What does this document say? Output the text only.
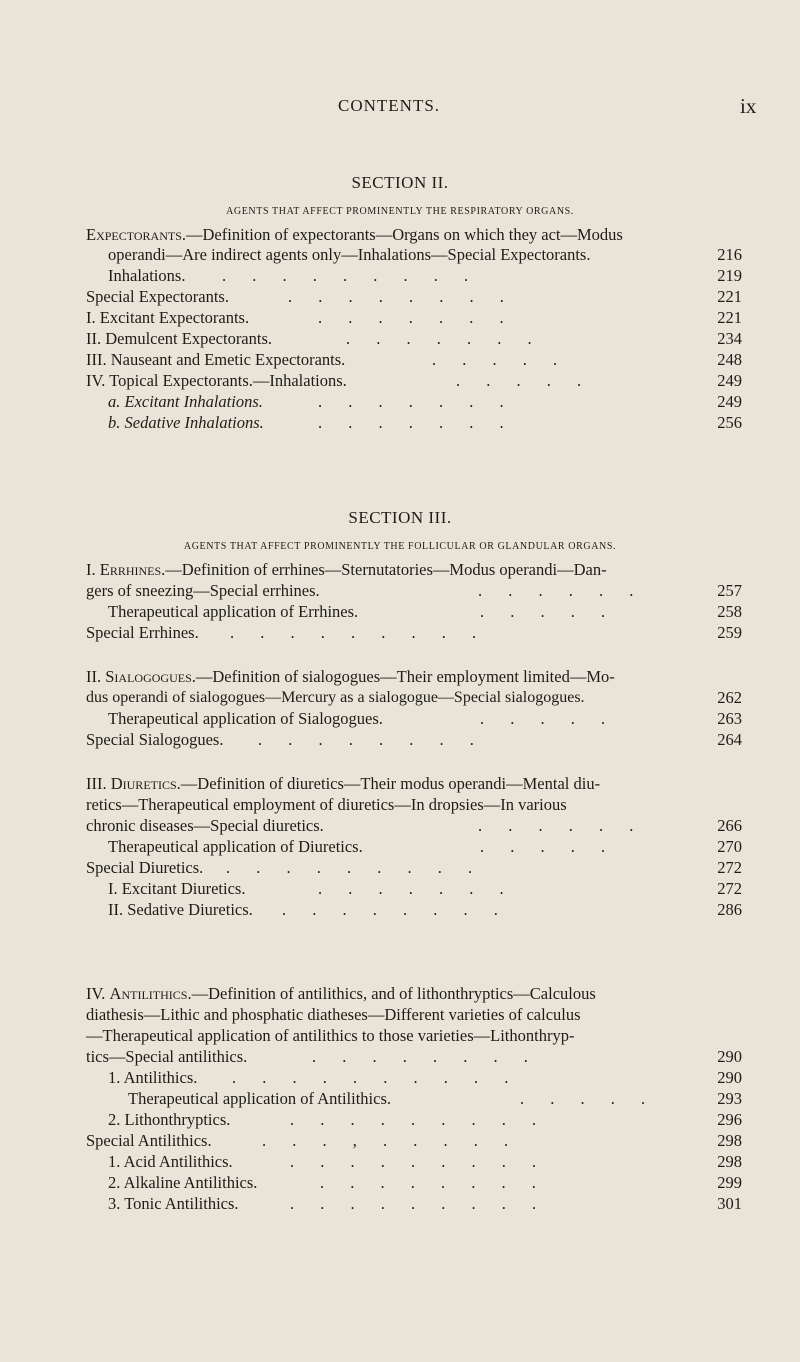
CONTENTS.	ix
SECTION II.
AGENTS THAT AFFECT PROMINENTLY THE RESPIRATORY ORGANS.
Expectorants.—Definition of expectorants—Organs on which they act—Modus
operandi—Are indirect agents only—Inhalations—Special Expectorants.	216
Inhalations. . . . . . . . . .	219
Special Expectorants.	. . . . . . . .	221
I. Excitant Expectorants.	. . . . . . .	221
II. Demulcent Expectorants.	. . . . . . .	234
III. Nauseant and Emetic Expectorants.	. . . . .	248
IV. Topical Expectorants.—Inhalations.	. . . . .	249
a. Excitant Inhalations.	. . . . . . .	249
b. Sedative Inhalations.	. . . . . . .	256
SECTION III.
AGENTS THAT AFFECT PROMINENTLY THE FOLLICULAR OR GLANDULAR ORGANS.
I. Errhines.—Definition of errhines—Sternutatories—Modus operandi—Dan-
gers of sneezing—Special errhines.	. . . . . .	257
Therapeutical application of Errhines.	. . . . .	258
Special Errhines. . . . . . . . . .	259
II. Sialogogues.—Definition of sialogogues—Their employment limited—Mo-
dus operandi of sialogogues—Mercury as a sialogogue—Special sialogogues.	262
Therapeutical application of Sialogogues.	. . . . .	263
Special Sialogogues. . . . . . . . .	264
III. Diuretics.—Definition of diuretics—Their modus operandi—Mental diu-
retics—Therapeutical employment of diuretics—In dropsies—In various
chronic diseases—Special diuretics.	. . . . . .	266
Therapeutical application of Diuretics.	. . . . .	270
Special Diuretics. . . . . . . . . .	272
I. Excitant Diuretics.	. . . . . . .	272
II. Sedative Diuretics. . . . . . . . .	286
IV. Antilithics.—Definition of antilithics, and of lithonthryptics—Calculous
diathesis—Lithic and phosphatic diatheses—Different varieties of calculus
—Therapeutical application of antilithics to those varieties—Lithonthryp-
tics—Special antilithics.	. . . . . . . .	290
1. Antilithics. . . . . . . . . . .	290
Therapeutical application of Antilithics.	. . . . .	293
2. Lithonthryptics.	. . . . . . . . .	296
Special Antilithics.	. . . , . . . . .	298
1. Acid Antilithics.	. . . . . . . . .	298
2. Alkaline Antilithics.	. . . . . . . .	299
3. Tonic Antilithics.	. . . . . . . . .	301
